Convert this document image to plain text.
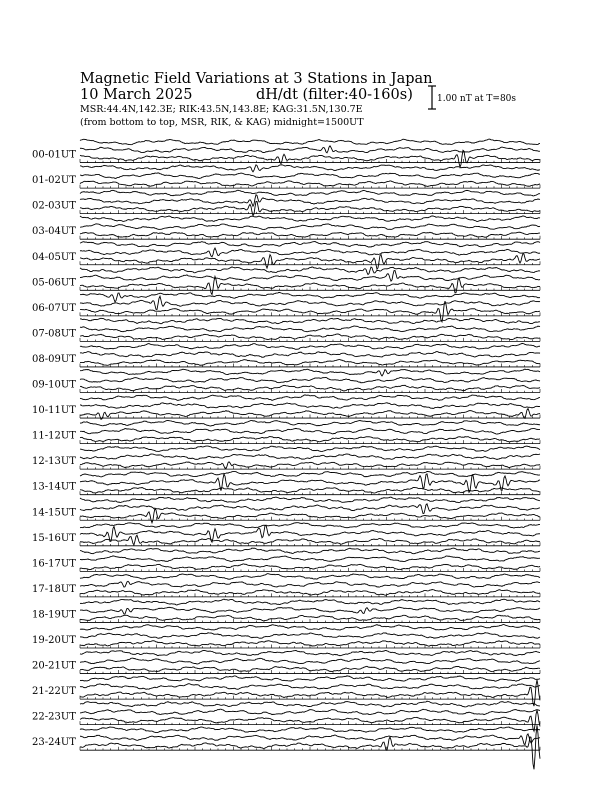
Magnetic Field Variations at 3 Stations in Japan
10 March 2025	dH/dt (filter:40-160s)
MSR:44.4N,142.3E; RIK:43.5N,143.8E; KAG:31.5N,130.7E
(from bottom to top, MSR, RIK, & KAG) midnight=1500UT
1.00 nT at T=80s
00-01UT
01-02UT
02-03UT
03-04UT
04-05UT
05-06UT
06-07UT
07-08UT
08-09UT
09-10UT
10-11UT
11-12UT
12-13UT
13-14UT
14-15UT
15-16UT
16-17UT
17-18UT
18-19UT
19-20UT
20-21UT
21-22UT
22-23UT
23-24UT
